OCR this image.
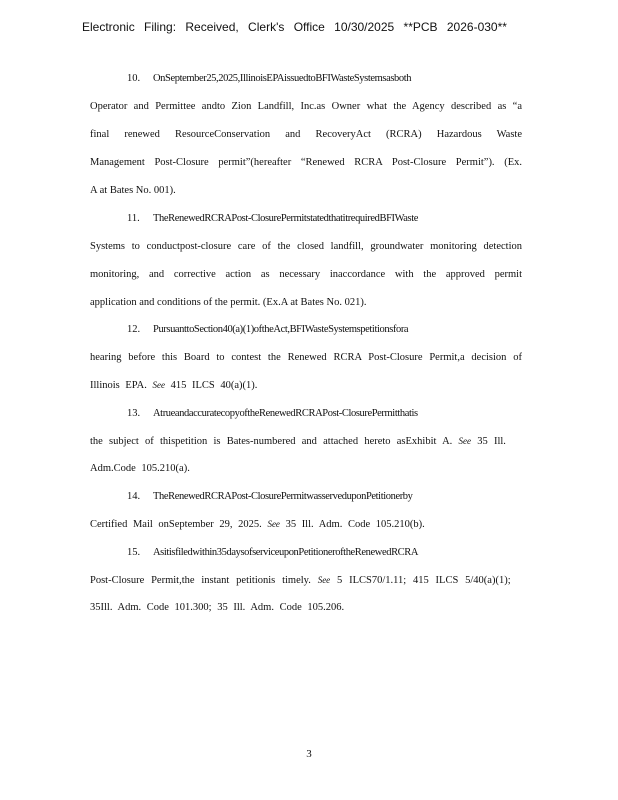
Electronic Filing: Received, Clerk's Office 10/30/2025 **PCB 2026-030**
10. OnSeptember25,2025,IllinoisEPAissuedtoBFIWasteSystemsasboth
Operator and Permittee andto Zion Landfill, Inc.as Owner what the Agency described as “a
final renewed ResourceConservation and RecoveryAct (RCRA) Hazardous Waste
Management Post-Closure permit”(hereafter “Renewed RCRA Post-Closure Permit”). (Ex.
A at Bates No. 001).
11. TheRenewedRCRAPost-ClosurePermitstatedthatitrequiredBFIWaste
Systems to conductpost-closure care of the closed landfill, groundwater monitoring detection
monitoring, and corrective action as necessary inaccordance with the approved permit
application and conditions of the permit. (Ex.A at Bates No. 021).
12. PursuanttoSection40(a)(1)oftheAct,BFIWasteSystemspetitionsfora
hearing before this Board to contest the Renewed RCRA Post-Closure Permit,a decision of
Illinois EPA. See 415 ILCS 40(a)(1).
13. AtrueandaccuratecopyoftheRenewedRCRAPost-ClosurePermitthatis
the subject of thispetition is Bates-numbered and attached hereto asExhibit A. See 35 Ill.
Adm.Code 105.210(a).
14. TheRenewedRCRAPost-ClosurePermitwasserveduponPetitionerby
Certified Mail onSeptember 29, 2025. See 35 Ill. Adm. Code 105.210(b).
15. Asitisfiledwithin35daysofserviceuponPetitioneroftheRenewedRCRA
Post-Closure Permit,the instant petitionis timely. See 5 ILCS70/1.11; 415 ILCS 5/40(a)(1);
35Ill. Adm. Code 101.300; 35 Ill. Adm. Code 105.206.
3
